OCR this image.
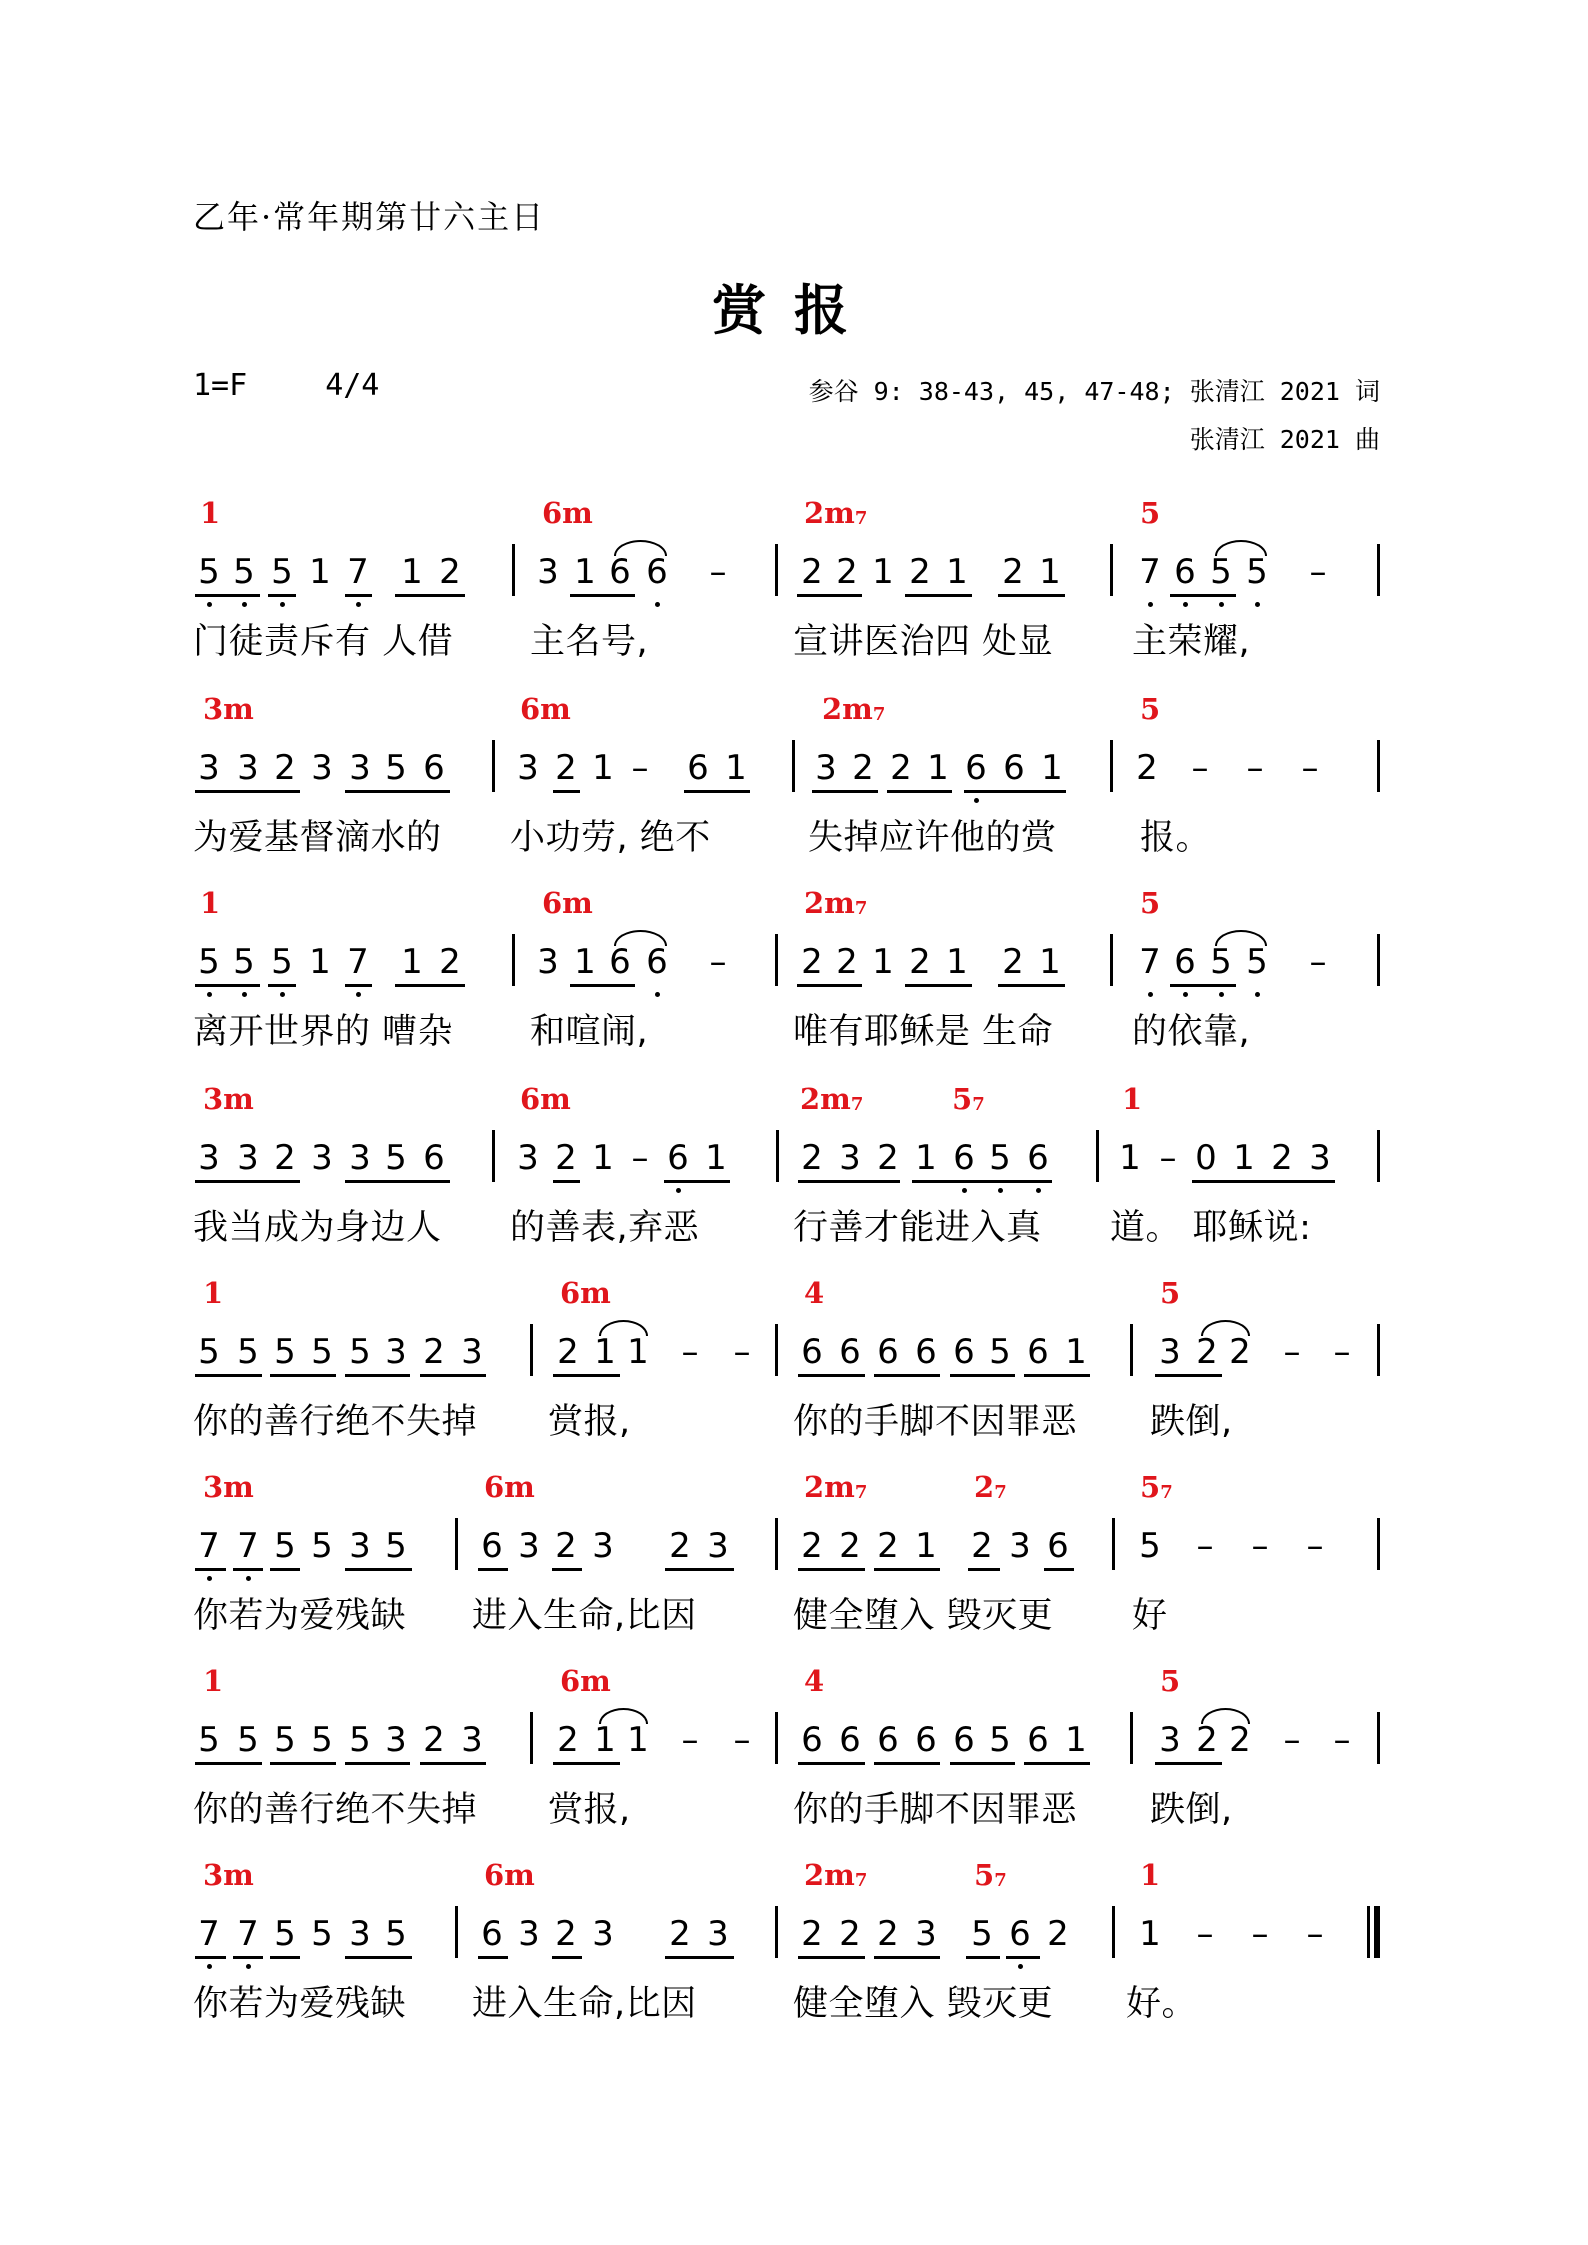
乙年·常年期第廿六主日
赏报
1=F	4/4	参谷 9: 38-43, 45, 47-48; 张清江 2021 词
张清江 2021 曲
1	6m	$2m_7$	5
5 5 5 1 7 1 2
门徒责斥有 人借
3 1 6 6 –
主名号,
2 2 1 2 1 2 1
宣讲医治四 处显
7 6 5 5 –
主荣耀,
3m	6m	$2m_7$	5
3 3 2 3 3 5 6
为爱基督滴水的
3 2 1 – 6 1
小功劳, 绝不
3 2 2 1 6 6 1
失掉应许他的赏
2 – – –
报。
1	6m	$2m_7$	5
5 5 5 1 7 1 2
离开世界的 嘈杂
3 1 6 6 –
和喧闹,
2 2 1 2 1 2 1
唯有耶稣是 生命
7 6 5 5 –
的依靠,
3m	6m	$2m_7$	$5_7$	1
3 3 2 3 3 5 6
我当成为身边人
3 2 1 – 6 1
的善表,弃恶
2 3 2 1 6 5 6
行善才能进入真
1 – 0 1 2 3
道。 耶稣说:
1	6m	4	5
5 5 5 5 5 3 2 3
你的善行绝不失掉
2 1 1 – –
赏报,
6 6 6 6 6 5 6 1
你的手脚不因罪恶
3 2 2 – –
跌倒,
3m	6m	$2m_7$	$2_7$	$5_7$
7 7 5 5 3 5
你若为爱残缺
6 3 2 3 2 3
进入生命,比因
2 2 2 1 2 3 6
健全堕入 毁灭更
5 – – –
好
1	6m	4	5
5 5 5 5 5 3 2 3
你的善行绝不失掉
2 1 1 – –
赏报,
6 6 6 6 6 5 6 1
你的手脚不因罪恶
3 2 2 – –
跌倒,
3m	6m	$2m_7$	$5_7$	1
7 7 5 5 3 5
你若为爱残缺
6 3 2 3 2 3
进入生命,比因
2 2 2 3 5 6 2
健全堕入 毁灭更
1 – – –
好。
